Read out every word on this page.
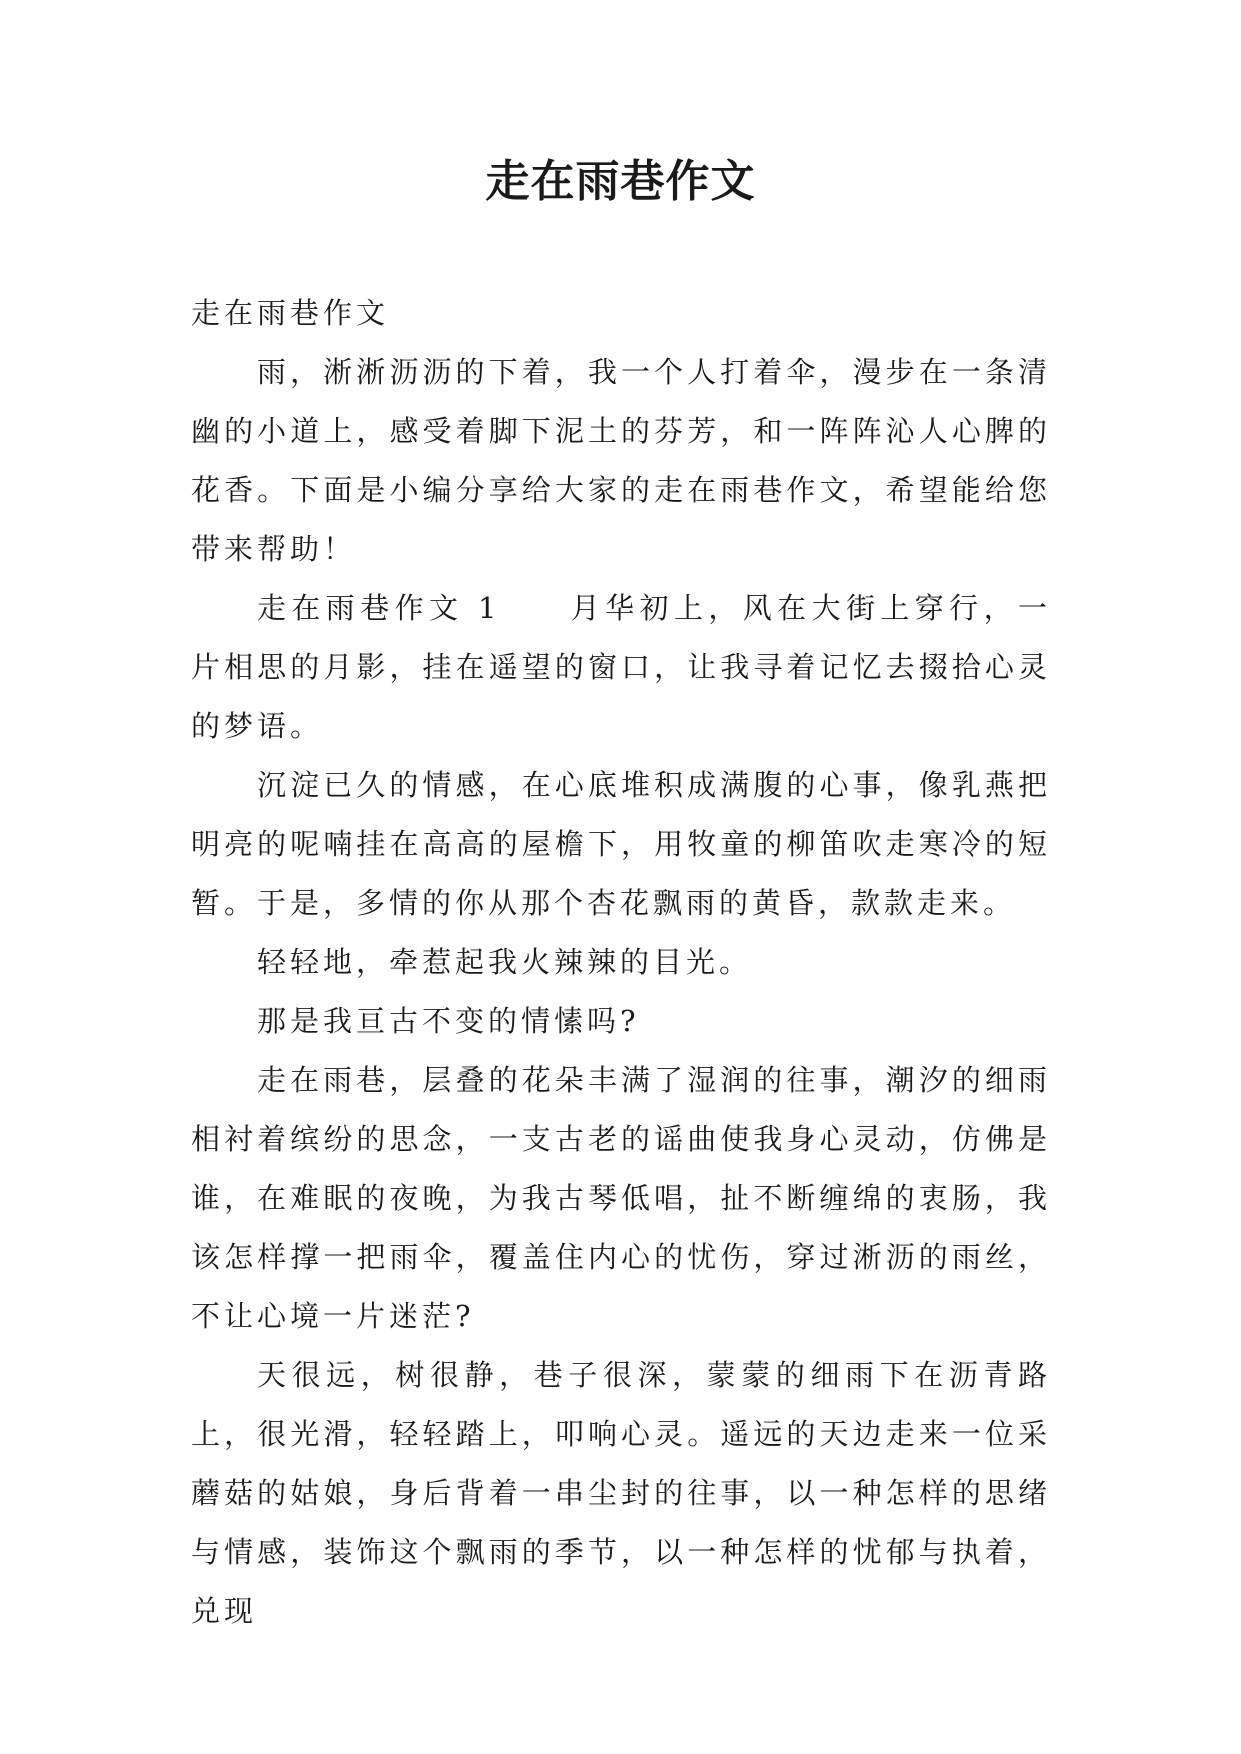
走在雨巷作文

走在雨巷作文

雨，淅淅沥沥的下着，我一个人打着伞，漫步在一条清幽的小道上，感受着脚下泥土的芬芳，和一阵阵沁人心脾的花香。下面是小编分享给大家的走在雨巷作文，希望能给您带来帮助！

走在雨巷作文 1　　月华初上，风在大街上穿行，一片相思的月影，挂在遥望的窗口，让我寻着记忆去掇拾心灵的梦语。

沉淀已久的情感，在心底堆积成满腹的心事，像乳燕把明亮的呢喃挂在高高的屋檐下，用牧童的柳笛吹走寒冷的短暂。于是，多情的你从那个杏花飘雨的黄昏，款款走来。

轻轻地，牵惹起我火辣辣的目光。

那是我亘古不变的情愫吗?

走在雨巷，层叠的花朵丰满了湿润的往事，潮汐的细雨相衬着缤纷的思念，一支古老的谣曲使我身心灵动，仿佛是谁，在难眠的夜晚，为我古琴低唱，扯不断缠绵的衷肠，我该怎样撑一把雨伞，覆盖住内心的忧伤，穿过淅沥的雨丝，不让心境一片迷茫?

天很远，树很静，巷子很深，蒙蒙的细雨下在沥青路上，很光滑，轻轻踏上，叩响心灵。遥远的天边走来一位采蘑菇的姑娘，身后背着一串尘封的往事，以一种怎样的思绪与情感，装饰这个飘雨的季节，以一种怎样的忧郁与执着，兑现
